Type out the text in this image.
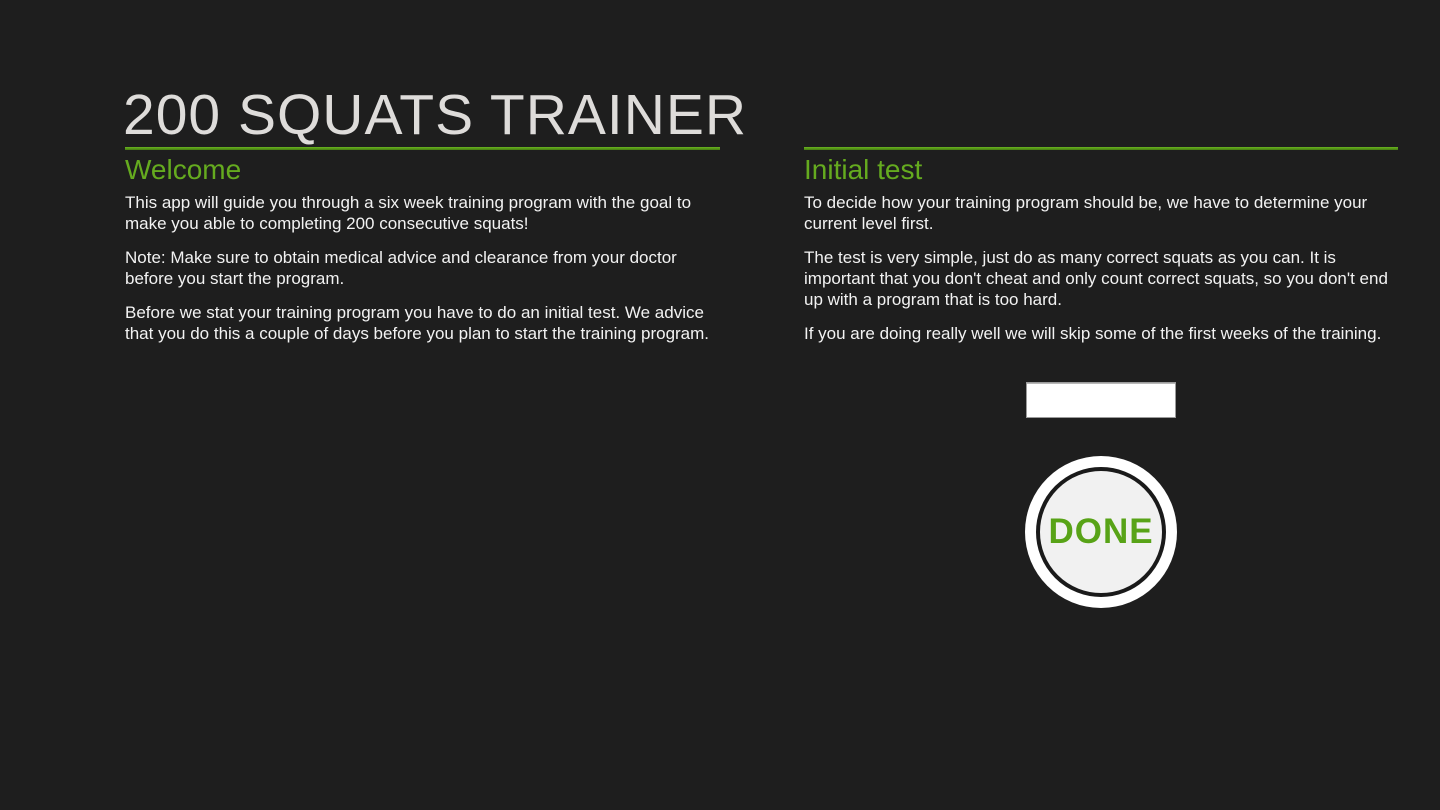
200 SQUATS TRAINER
Welcome

This app will guide you through a six week training program with the goal to make you able to completing 200 consecutive squats!

Note: Make sure to obtain medical advice and clearance from your doctor before you start the program.

Before we stat your training program you have to do an initial test. We advice that you do this a couple of days before you plan to start the training program.

Initial test

To decide how your training program should be, we have to determine your current level first.

The test is very simple, just do as many correct squats as you can. It is important that you don't cheat and only count correct squats, so you don't end up with a program that is too hard.

If you are doing really well we will skip some of the first weeks of the training.

DONE
